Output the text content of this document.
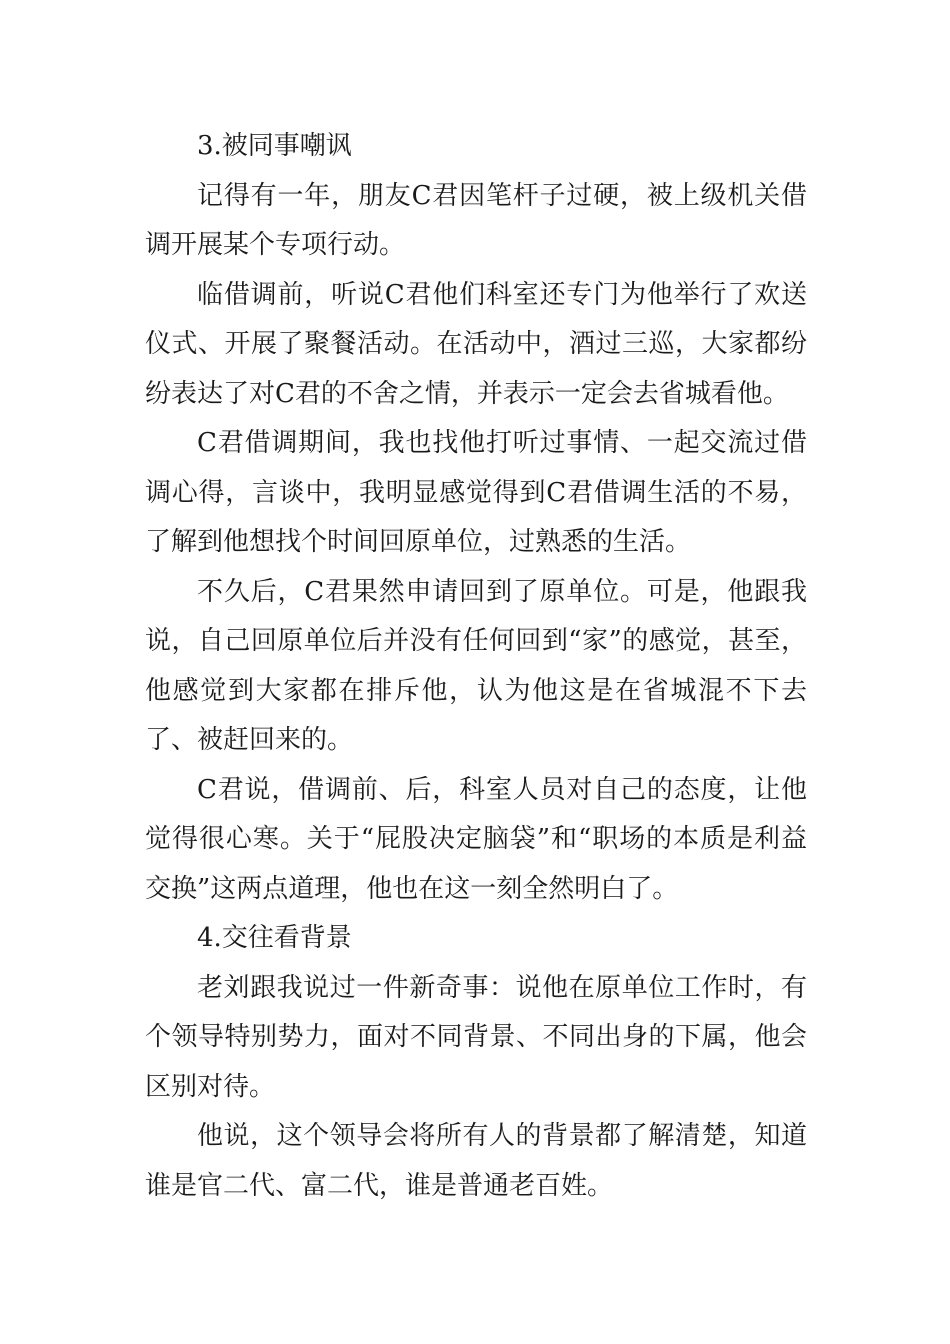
3.被同事嘲讽

记得有一年，朋友C君因笔杆子过硬，被上级机关借调开展某个专项行动。

临借调前，听说C君他们科室还专门为他举行了欢送仪式、开展了聚餐活动。在活动中，酒过三巡，大家都纷纷表达了对C君的不舍之情，并表示一定会去省城看他。

C君借调期间，我也找他打听过事情、一起交流过借调心得，言谈中，我明显感觉得到C君借调生活的不易，了解到他想找个时间回原单位，过熟悉的生活。

不久后，C君果然申请回到了原单位。可是，他跟我说，自己回原单位后并没有任何回到“家”的感觉，甚至，他感觉到大家都在排斥他，认为他这是在省城混不下去了、被赶回来的。

C君说，借调前、后，科室人员对自己的态度，让他觉得很心寒。关于“屁股决定脑袋”和“职场的本质是利益交换”这两点道理，他也在这一刻全然明白了。

4.交往看背景

老刘跟我说过一件新奇事：说他在原单位工作时，有个领导特别势力，面对不同背景、不同出身的下属，他会区别对待。

他说，这个领导会将所有人的背景都了解清楚，知道谁是官二代、富二代，谁是普通老百姓。
